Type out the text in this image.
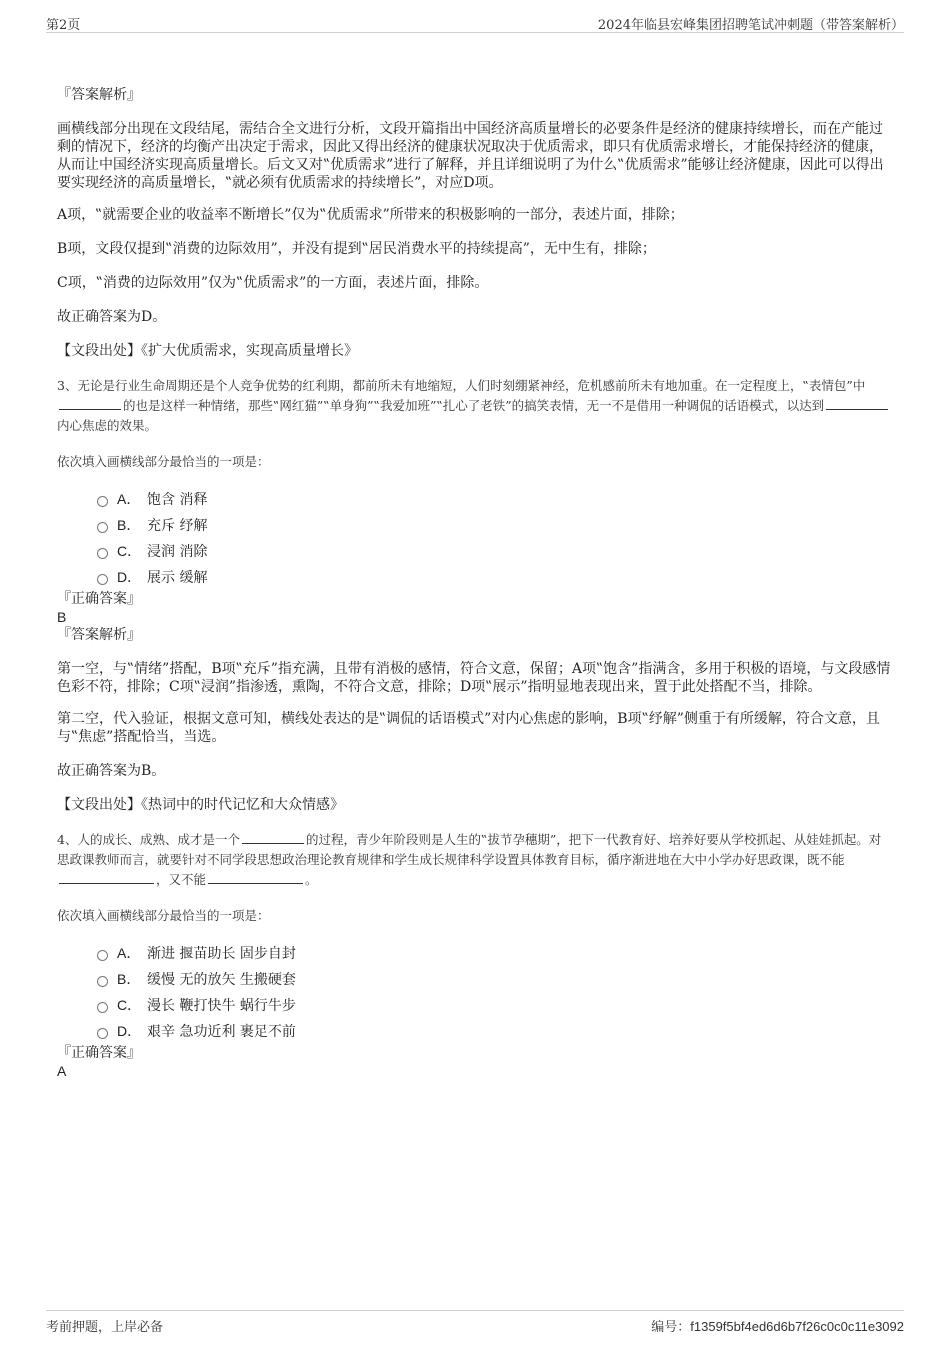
第2页	2024年临县宏峰集团招聘笔试冲刺题（带答案解析）

『答案解析』

画横线部分出现在文段结尾，需结合全文进行分析，文段开篇指出中国经济高质量增长的必要条件是经济的健康持续增长，而在产能过剩的情况下，经济的均衡产出决定于需求，因此又得出经济的健康状况取决于优质需求，即只有优质需求增长，才能保持经济的健康，从而让中国经济实现高质量增长。后文又对‟优质需求”进行了解释，并且详细说明了为什么‟优质需求”能够让经济健康，因此可以得出要实现经济的高质量增长，‟就必须有优质需求的持续增长”，对应D项。

A项，‟就需要企业的收益率不断增长”仅为‟优质需求”所带来的积极影响的一部分，表述片面，排除；

B项，文段仅提到‟消费的边际效用”，并没有提到‟居民消费水平的持续提高”，无中生有，排除；

C项，‟消费的边际效用”仅为‟优质需求”的一方面，表述片面，排除。

故正确答案为D。

【文段出处】《扩大优质需求，实现高质量增长》

3、无论是行业生命周期还是个人竞争优势的红利期，都前所未有地缩短，人们时刻绷紧神经，危机感前所未有地加重。在一定程度上，‟表情包”中的也是这样一种情绪，那些‟网红猫”‟单身狗”‟我爱加班”‟扎心了老铁”的搞笑表情，无一不是借用一种调侃的话语模式，以达到内心焦虑的效果。

依次填入画横线部分最恰当的一项是：

A． 饱含 消释
B． 充斥 纾解
C． 浸润 消除
D． 展示 缓解

『正确答案』

B

『答案解析』

第一空，与‟情绪”搭配，B项‟充斥”指充满，且带有消极的感情，符合文意，保留；A项‟饱含”指满含，多用于积极的语境，与文段感情色彩不符，排除；C项‟浸润”指渗透，熏陶，不符合文意，排除；D项‟展示”指明显地表现出来，置于此处搭配不当，排除。

第二空，代入验证，根据文意可知，横线处表达的是‟调侃的话语模式”对内心焦虑的影响，B项‟纾解”侧重于有所缓解，符合文意，且与‟焦虑”搭配恰当，当选。

故正确答案为B。

【文段出处】《热词中的时代记忆和大众情感》

4、人的成长、成熟、成才是一个	的过程，青少年阶段则是人生的‟拔节孕穗期”，把下一代教育好、培养好要从学校抓起、从娃娃抓起。对思政课教师而言，就要针对不同学段思想政治理论教育规律和学生成长规律科学设置具体教育目标，循序渐进地在大中小学办好思政课，既不能，又不能	。

依次填入画横线部分最恰当的一项是：

A． 渐进 揠苗助长 固步自封
B． 缓慢 无的放矢 生搬硬套
C． 漫长 鞭打快牛 蜗行牛步
D． 艰辛 急功近利 裹足不前

『正确答案』

A

考前押题，上岸必备	编号：f1359f5bf4ed6d6b7f26c0c0c11e3092
